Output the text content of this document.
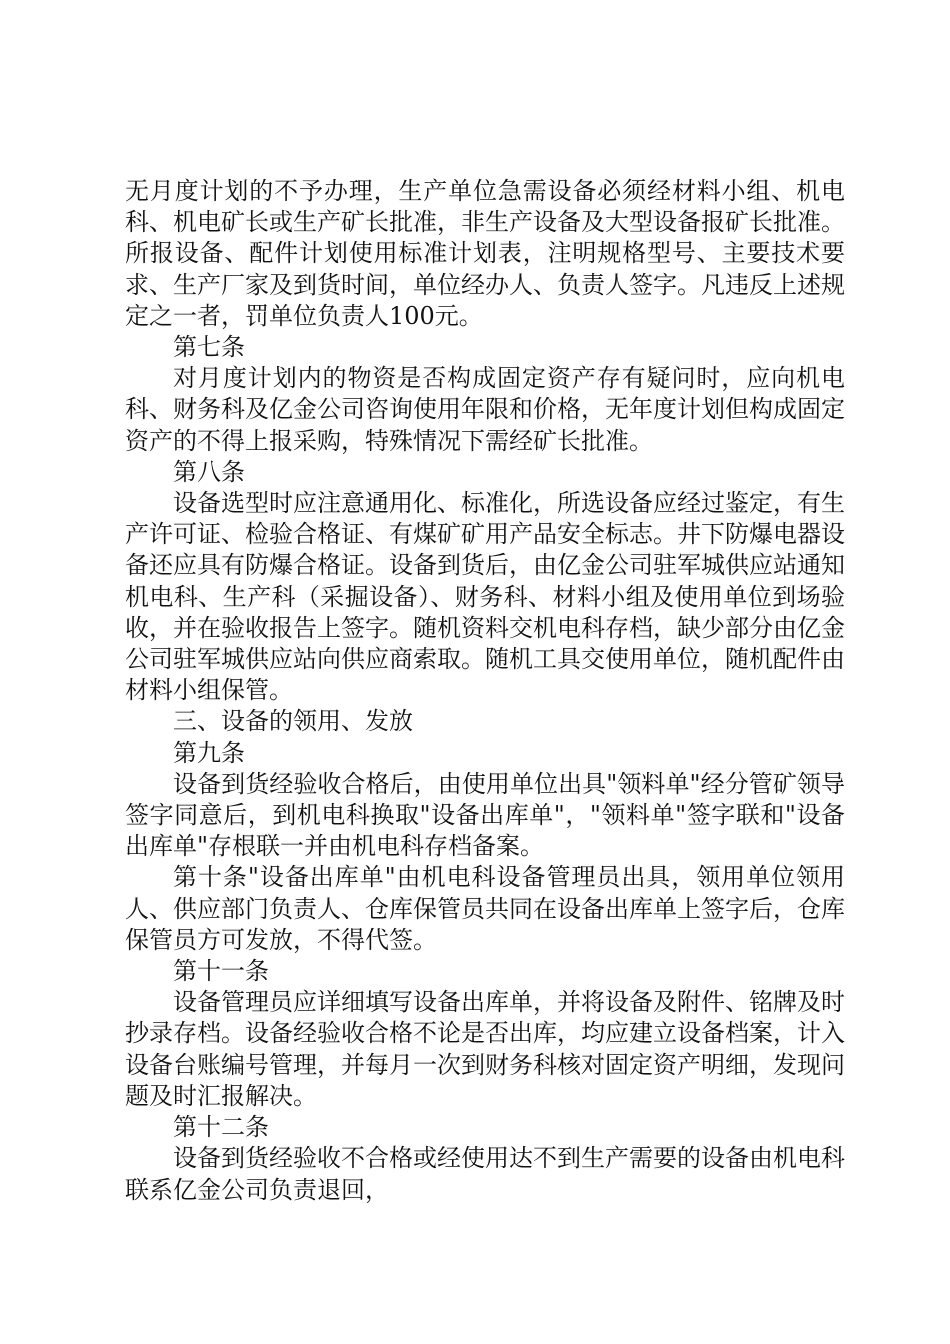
无月度计划的不予办理，生产单位急需设备必须经材料小组、机电科、机电矿长或生产矿长批准，非生产设备及大型设备报矿长批准。所报设备、配件计划使用标准计划表，注明规格型号、主要技术要求、生产厂家及到货时间，单位经办人、负责人签字。凡违反上述规定之一者，罚单位负责人100元。

第七条

对月度计划内的物资是否构成固定资产存有疑问时，应向机电科、财务科及亿金公司咨询使用年限和价格，无年度计划但构成固定资产的不得上报采购，特殊情况下需经矿长批准。

第八条

设备选型时应注意通用化、标准化，所选设备应经过鉴定，有生产许可证、检验合格证、有煤矿矿用产品安全标志。井下防爆电器设备还应具有防爆合格证。设备到货后，由亿金公司驻军城供应站通知机电科、生产科（采掘设备）、财务科、材料小组及使用单位到场验收，并在验收报告上签字。随机资料交机电科存档，缺少部分由亿金公司驻军城供应站向供应商索取。随机工具交使用单位，随机配件由材料小组保管。

三、设备的领用、发放

第九条

设备到货经验收合格后，由使用单位出具"领料单"经分管矿领导签字同意后，到机电科换取"设备出库单"，"领料单"签字联和"设备出库单"存根联一并由机电科存档备案。

第十条"设备出库单"由机电科设备管理员出具，领用单位领用人、供应部门负责人、仓库保管员共同在设备出库单上签字后，仓库保管员方可发放，不得代签。

第十一条

设备管理员应详细填写设备出库单，并将设备及附件、铭牌及时抄录存档。设备经验收合格不论是否出库，均应建立设备档案，计入设备台账编号管理，并每月一次到财务科核对固定资产明细，发现问题及时汇报解决。

第十二条

设备到货经验收不合格或经使用达不到生产需要的设备由机电科联系亿金公司负责退回，
